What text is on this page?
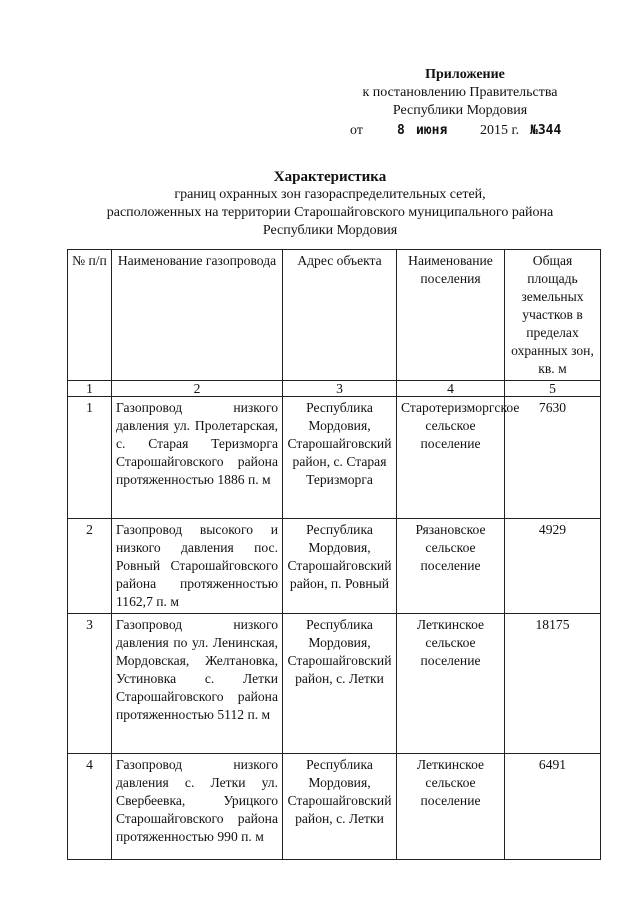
Приложение
к постановлению Правительства
Республики Мордовия
от	8 июня 2015 г. №344
Характеристика
границ охранных зон газораспределительных сетей,
расположенных на территории Старошайговского муниципального района
Республики Мордовия
№ п/п	Наименование газопровода	Адрес объекта	Наименование поселения	Общая площадь земельных участков в пределах охранных зон, кв. м
1	2	3	4	5
1	Газопровод низкого давления ул. Пролетарская, с. Старая Теризморга Старошайговского района протяженностью 1886 п. м	Республика Мордовия, Старошайговский район, с. Старая Теризморга	Старотеризморгское сельское поселение	7630
2	Газопровод высокого и низкого давления пос. Ровный Старошайговского района протяженностью 1162,7 п. м	Республика Мордовия, Старошайговский район, п. Ровный	Рязановское сельское поселение	4929
3	Газопровод низкого давления по ул. Ленинская, Мордовская, Желтановка, Устиновка с. Летки Старошайговского района протяженностью 5112 п. м	Республика Мордовия, Старошайговский район, с. Летки	Леткинское сельское поселение	18175
4	Газопровод низкого давления с. Летки ул. Свербеевка, Урицкого Старошайговского района протяженностью 990 п. м	Республика Мордовия, Старошайговский район, с. Летки	Леткинское сельское поселение	6491
